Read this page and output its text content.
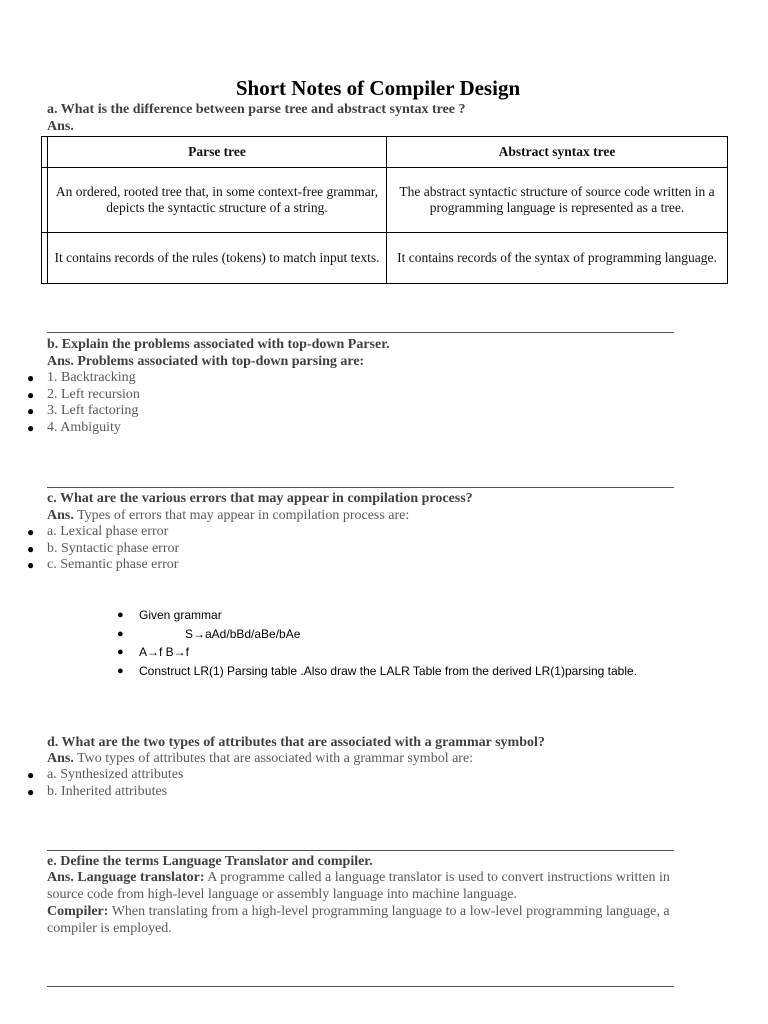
Short Notes of Compiler Design
a. What is the difference between parse tree and abstract syntax tree ?
Ans.
	Parse tree	Abstract syntax tree
	An ordered, rooted tree that, in some context-free grammar, depicts the syntactic structure of a string.	The abstract syntactic structure of source code written in a programming language is represented as a tree.
	It contains records of the rules (tokens) to match input texts.	It contains records of the syntax of programming language.
b. Explain the problems associated with top-down Parser.
Ans. Problems associated with top-down parsing are:
● 1. Backtracking
● 2. Left recursion
● 3. Left factoring
● 4. Ambiguity
c. What are the various errors that may appear in compilation process?
Ans. Types of errors that may appear in compilation process are:
● a. Lexical phase error
● b. Syntactic phase error
● c. Semantic phase error
● Given grammar
●	S→aAd/bBd/aBe/bAe
● A→f B→f
● Construct LR(1) Parsing table .Also draw the LALR Table from the derived LR(1)parsing table.
d. What are the two types of attributes that are associated with a grammar symbol?
Ans. Two types of attributes that are associated with a grammar symbol are:
● a. Synthesized attributes
● b. Inherited attributes
e. Define the terms Language Translator and compiler.
Ans. Language translator: A programme called a language translator is used to convert instructions written in source code from high-level language or assembly language into machine language.
Compiler: When translating from a high-level programming language to a low-level programming language, a compiler is employed.
